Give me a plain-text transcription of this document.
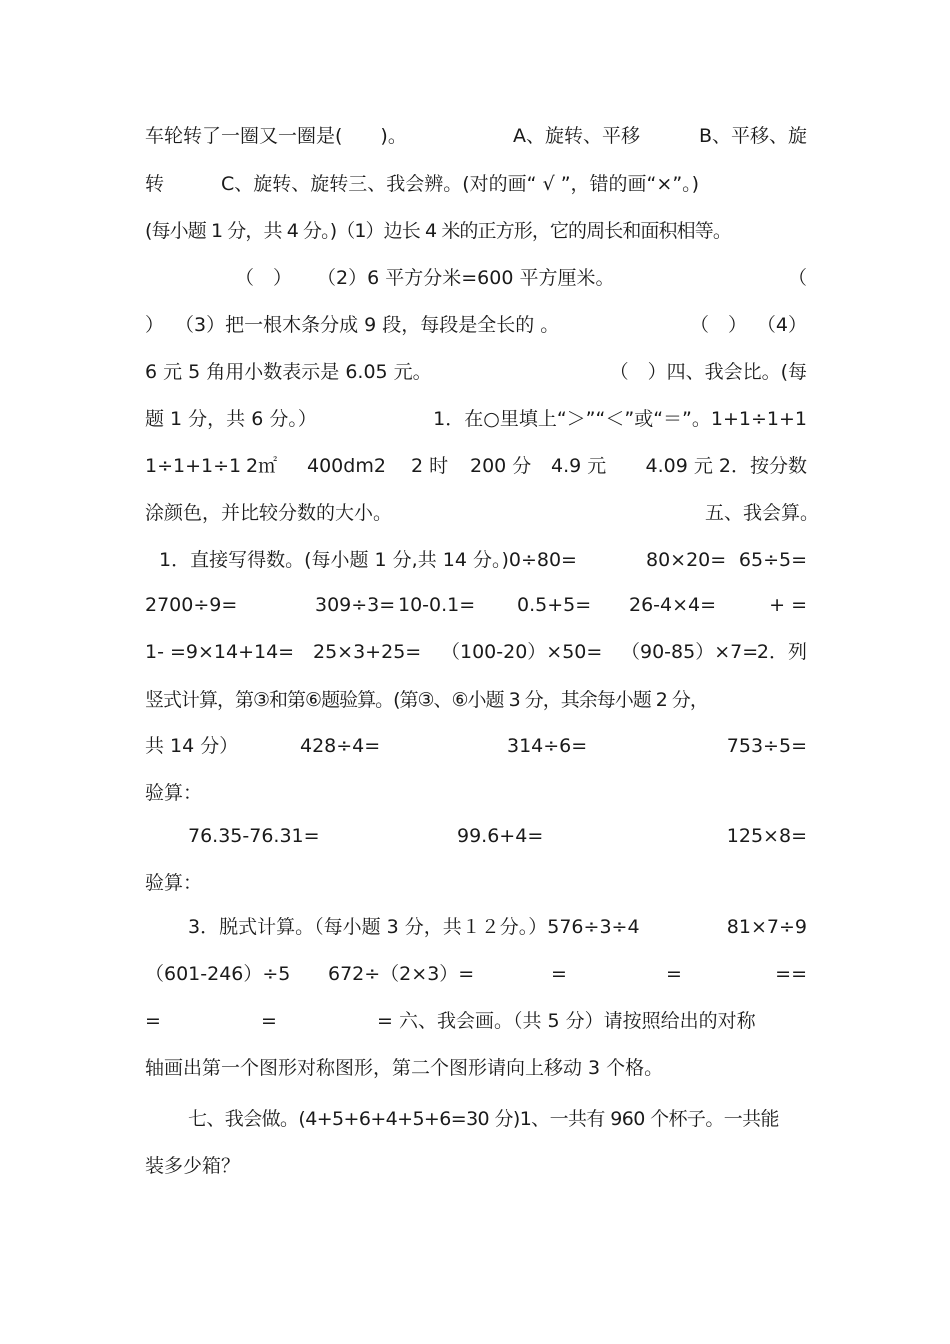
车轮转了一圈又一圈是(　　)。	A、旋转、平移	B、平移、旋
转	C、旋转、旋转三、我会辨。(对的画“ √ ”，错的画“×”。)
(每小题 1 分，共 4 分。)（1）边长 4 米的正方形，它的周长和面积相等。
（　） （2）6 平方分米=600 平方厘米。	（
） （3）把一根木条分成 9 段，每段是全长的 。	（　） （4）
6 元 5 角用小数表示是 6.05 元。	（　）四、我会比。(每
题 1 分，共 6 分。）	1．在○里填上“＞”“＜”或“＝”。1+1÷1+1
1÷1+1÷1 2㎡ 400dm2 2 时 200 分 4.9 元 4.09 元 2．按分数
涂颜色，并比较分数的大小。	五、我会算。
1．直接写得数。(每小题 1 分,共 14 分。)0÷80=	80×20= 65÷5=
2700÷9=	309÷3= 10-0.1= 0.5+5= 26-4×4=	+ =
1- =9×14+14= 25×3+25= （100-20）×50= （90-85）×7=
2．列
竖式计算，第③和第⑥题验算。(第③、⑥小题 3 分，其余每小题 2 分，
共 14 分）	428÷4=	314÷6=	753÷5=
验算：
76.35-76.31=	99.6+4=	125×8=
验算：
3．脱式计算。（每小题 3 分，共１２分。）576÷3÷4	81×7÷9
（601-246）÷5 672÷（2×3）=	=	=	==
=	=	= 六、我会画。（共 5 分）请按照给出的对称
轴画出第一个图形对称图形，第二个图形请向上移动 3 个格。
七、我会做。(4+5+6+4+5+6=30 分)1、一共有 960 个杯子。一共能
装多少箱？
